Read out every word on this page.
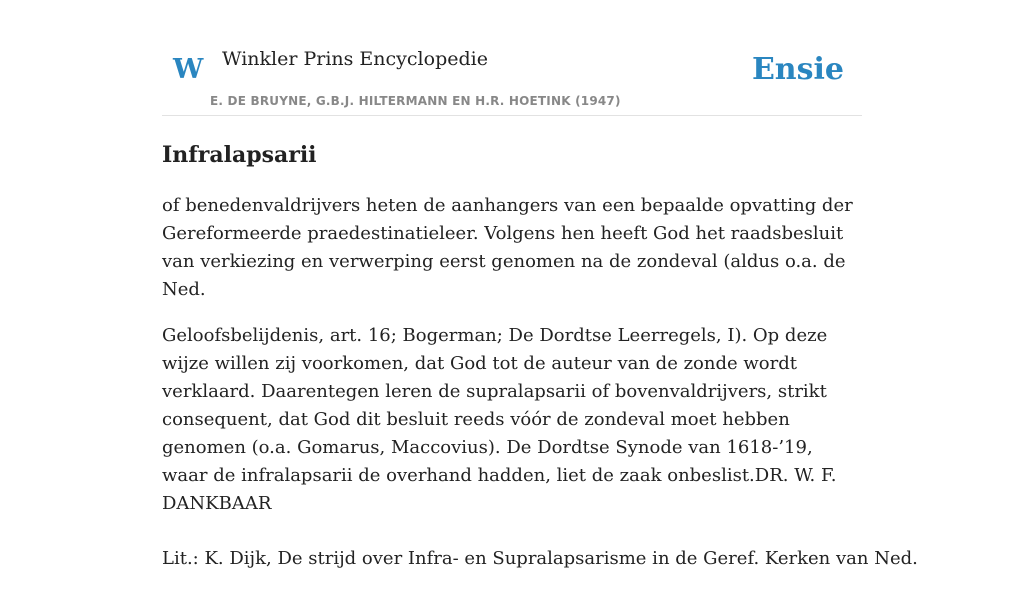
W Winkler Prins Encyclopedie
E. DE BRUYNE, G.B.J. HILTERMANN EN H.R. HOETINK (1947)
Ensie
Infralapsarii

of benedenvaldrijvers heten de aanhangers van een bepaalde opvatting der Gereformeerde praedestinatieleer. Volgens hen heeft God het raadsbesluit van verkiezing en verwerping eerst genomen na de zondeval (aldus o.a. de Ned.

Geloofsbelijdenis, art. 16; Bogerman; De Dordtse Leerregels, I). Op deze wijze willen zij voorkomen, dat God tot de auteur van de zonde wordt verklaard. Daarentegen leren de supralapsarii of bovenvaldrijvers, strikt consequent, dat God dit besluit reeds vóór de zondeval moet hebben genomen (o.a. Gomarus, Maccovius). De Dordtse Synode van 1618-’19, waar de infralapsarii de overhand hadden, liet de zaak onbeslist.DR. W. F. DANKBAAR

Lit.: K. Dijk, De strijd over Infra- en Supralapsarisme in de Geref. Kerken van Ned.
